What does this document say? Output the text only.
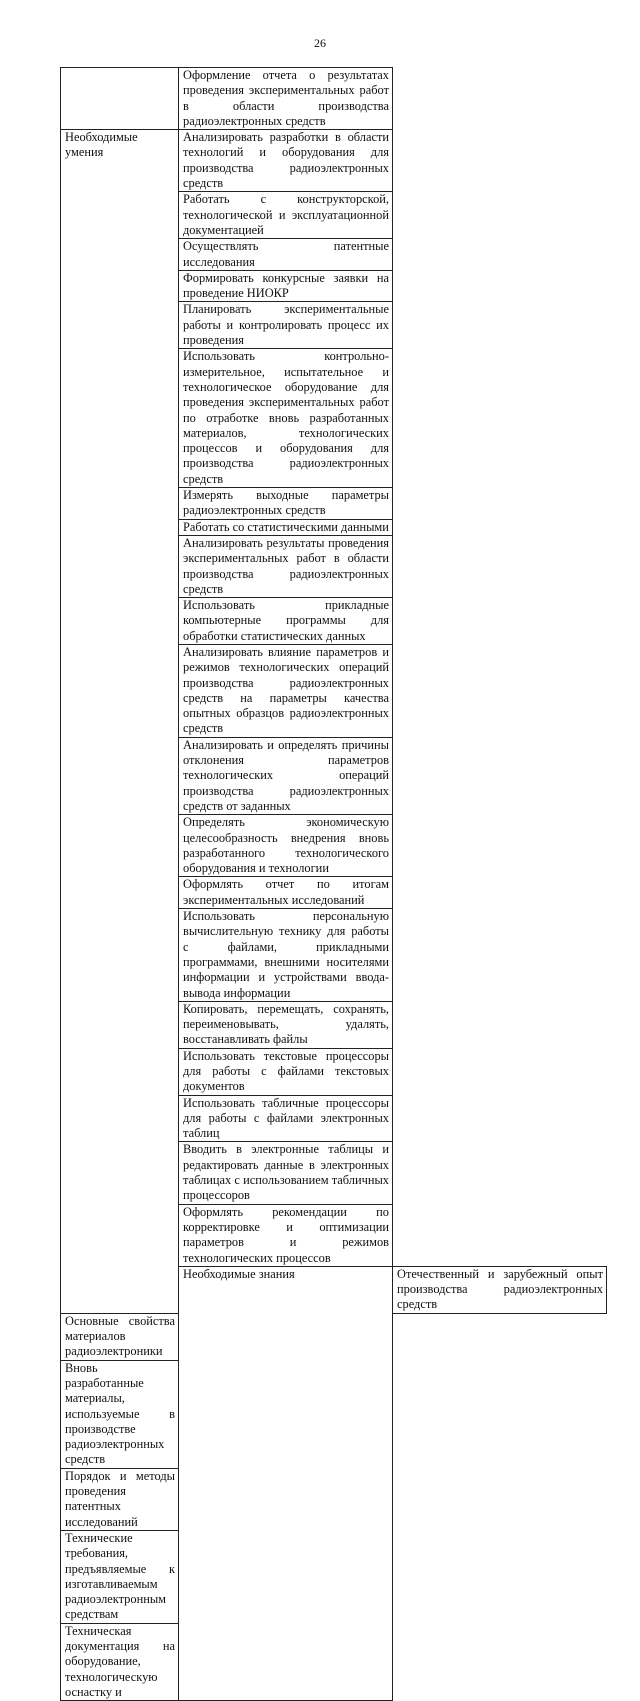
26
	Оформление отчета о результатах проведения экспериментальных работ в области производства радиоэлектронных средств	

Необходимые умения	Анализировать разработки в области технологий и оборудования для производства радиоэлектронных средств	
	Работать с конструкторской, технологической и эксплуатационной документацией	
	Осуществлять патентные исследования	
	Формировать конкурсные заявки на проведение НИОКР	
	Планировать экспериментальные работы и контролировать процесс их проведения	
	Использовать контрольно-измерительное, испытательное и технологическое оборудование для проведения экспериментальных работ по отработке вновь разработанных материалов, технологических процессов и оборудования для производства радиоэлектронных средств	
	Измерять выходные параметры радиоэлектронных средств	
	Работать со статистическими данными	
	Анализировать результаты проведения экспериментальных работ в области производства радиоэлектронных средств	
	Использовать прикладные компьютерные программы для обработки статистических данных	
	Анализировать влияние параметров и режимов технологических операций производства радиоэлектронных средств на параметры качества опытных образцов радиоэлектронных средств	
	Анализировать и определять причины отклонения параметров технологических операций производства радиоэлектронных средств от заданных	
	Определять экономическую целесообразность внедрения вновь разработанного технологического оборудования и технологии	
	Оформлять отчет по итогам экспериментальных исследований	
	Использовать персональную вычислительную технику для работы с файлами, прикладными программами, внешними носителями информации и устройствами ввода-вывода информации	
	Копировать, перемещать, сохранять, переименовывать, удалять, восстанавливать файлы	
	Использовать текстовые процессоры для работы с файлами текстовых документов	
	Использовать табличные процессоры для работы с файлами электронных таблиц	
	Вводить в электронные таблицы и редактировать данные в электронных таблицах с использованием табличных процессоров	
	Оформлять рекомендации по корректировке и оптимизации параметров и режимов технологических процессов	

	Необходимые знания	Отечественный и зарубежный опыт производства радиоэлектронных средств
Основные свойства материалов радиоэлектроники		
Вновь разработанные материалы, используемые в производстве радиоэлектронных средств		
Порядок и методы проведения патентных исследований		
Технические требования, предъявляемые к изготавливаемым радиоэлектронным средствам		
Техническая документация на оборудование, технологическую оснастку и		
